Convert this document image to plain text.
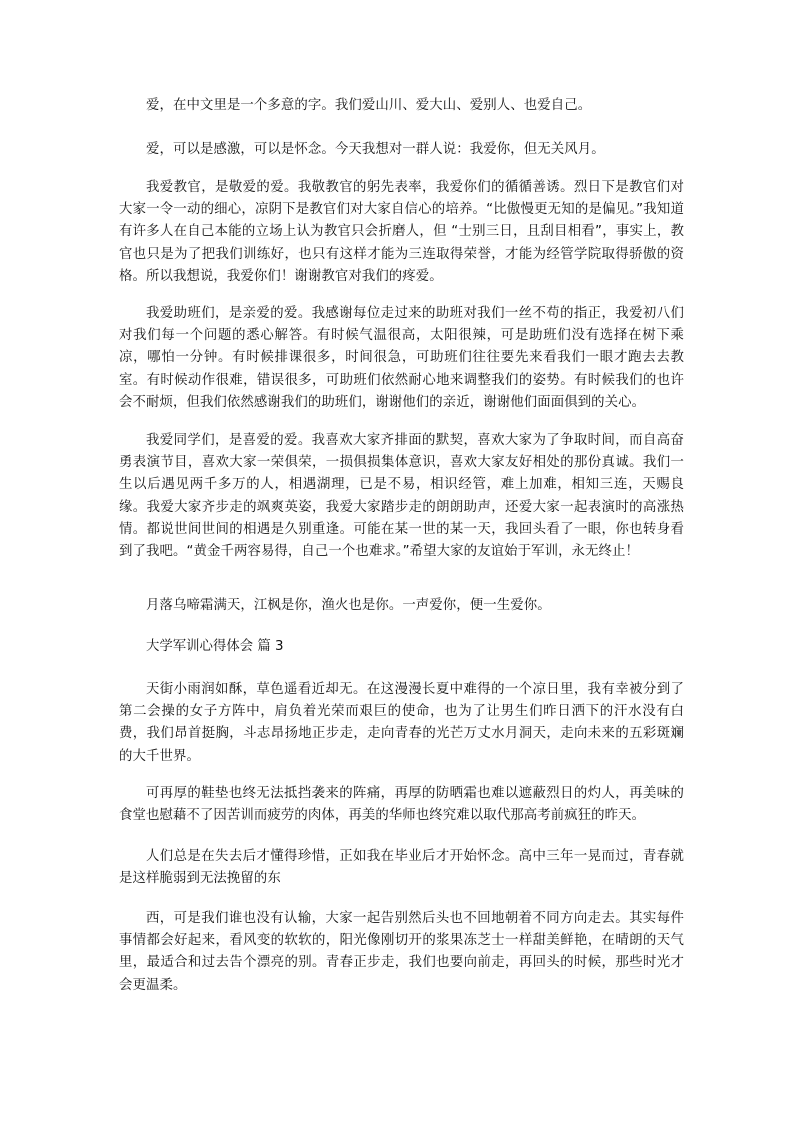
爱，在中文里是一个多意的字。我们爱山川、爱大山、爱别人、也爱自己。

爱，可以是感激，可以是怀念。今天我想对一群人说：我爱你，但无关风月。

我爱教官，是敬爱的爱。我敬教官的躬先表率，我爱你们的循循善诱。烈日下是教官们对大家一令一动的细心，凉阴下是教官们对大家自信心的培养。“比傲慢更无知的是偏见。”我知道有许多人在自己本能的立场上认为教官只会折磨人，但 “士别三日，且刮目相看”，事实上，教官也只是为了把我们训练好，也只有这样才能为三连取得荣誉，才能为经管学院取得骄傲的资格。所以我想说，我爱你们！谢谢教官对我们的疼爱。

我爱助班们，是亲爱的爱。我感谢每位走过来的助班对我们一丝不苟的指正，我爱初八们对我们每一个问题的悉心解答。有时候气温很高，太阳很辣，可是助班们没有选择在树下乘凉，哪怕一分钟。有时候排课很多，时间很急，可助班们往往要先来看我们一眼才跑去去教室。有时候动作很难，错误很多，可助班们依然耐心地来调整我们的姿势。有时候我们的也许会不耐烦，但我们依然感谢我们的助班们，谢谢他们的亲近，谢谢他们面面俱到的关心。

我爱同学们，是喜爱的爱。我喜欢大家齐排面的默契，喜欢大家为了争取时间，而自高奋勇表演节目，喜欢大家一荣俱荣，一损俱损集体意识，喜欢大家友好相处的那份真诚。我们一生以后遇见两千多万的人，相遇湖理，已是不易，相识经管，难上加难，相知三连，天赐良缘。我爱大家齐步走的飒爽英姿，我爱大家踏步走的朗朗助声，还爱大家一起表演时的高涨热情。都说世间世间的相遇是久别重逢。可能在某一世的某一天，我回头看了一眼，你也转身看到了我吧。“黄金千两容易得，自己一个也难求。”希望大家的友谊始于军训，永无终止！

月落乌啼霜满天，江枫是你，渔火也是你。一声爱你，便一生爱你。

大学军训心得体会 篇 3

天街小雨润如酥，草色遥看近却无。在这漫漫长夏中难得的一个凉日里，我有幸被分到了第二会操的女子方阵中，肩负着光荣而艰巨的使命，也为了让男生们昨日洒下的汗水没有白费，我们昂首挺胸，斗志昂扬地正步走，走向青春的光芒万丈水月洞天，走向未来的五彩斑斓的大千世界。

可再厚的鞋垫也终无法抵挡袭来的阵痛，再厚的防晒霜也难以遮蔽烈日的灼人，再美味的食堂也慰藉不了因苦训而疲劳的肉体，再美的华师也终究难以取代那高考前疯狂的昨天。

人们总是在失去后才懂得珍惜，正如我在毕业后才开始怀念。高中三年一晃而过，青春就是这样脆弱到无法挽留的东

西，可是我们谁也没有认输，大家一起告别然后头也不回地朝着不同方向走去。其实每件事情都会好起来，看风变的软软的，阳光像刚切开的浆果冻芝士一样甜美鲜艳，在晴朗的天气里，最适合和过去告个漂亮的别。青春正步走，我们也要向前走，再回头的时候，那些时光才会更温柔。
